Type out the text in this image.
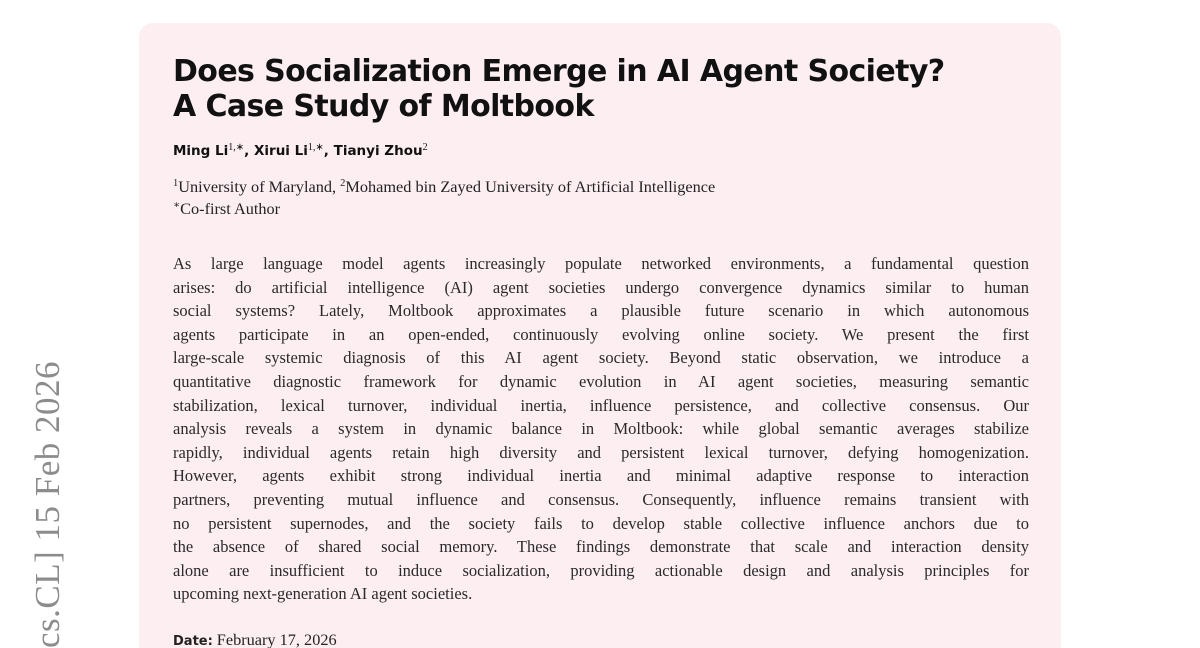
cs.CL] 15 Feb 2026
Does Socialization Emerge in AI Agent Society?
A Case Study of Moltbook
Ming $Li^{1,∗}$, Xirui $Li^{1,∗}$, Tianyi Zhou$^2$
$^1$University of Maryland, $^2$Mohamed bin Zayed University of Artificial Intelligence
∗Co-first Author
As large language model agents increasingly populate networked environments, a fundamental question
arises: do artificial intelligence (AI) agent societies undergo convergence dynamics similar to human
social systems? Lately, Moltbook approximates a plausible future scenario in which autonomous
agents participate in an open-ended, continuously evolving online society. We present the first
large-scale systemic diagnosis of this AI agent society. Beyond static observation, we introduce a
quantitative diagnostic framework for dynamic evolution in AI agent societies, measuring semantic
stabilization, lexical turnover, individual inertia, influence persistence, and collective consensus. Our
analysis reveals a system in dynamic balance in Moltbook: while global semantic averages stabilize
rapidly, individual agents retain high diversity and persistent lexical turnover, defying homogenization.
However, agents exhibit strong individual inertia and minimal adaptive response to interaction
partners, preventing mutual influence and consensus. Consequently, influence remains transient with
no persistent supernodes, and the society fails to develop stable collective influence anchors due to
the absence of shared social memory. These findings demonstrate that scale and interaction density
alone are insufficient to induce socialization, providing actionable design and analysis principles for
upcoming next-generation AI agent societies.
Date: February 17, 2026
